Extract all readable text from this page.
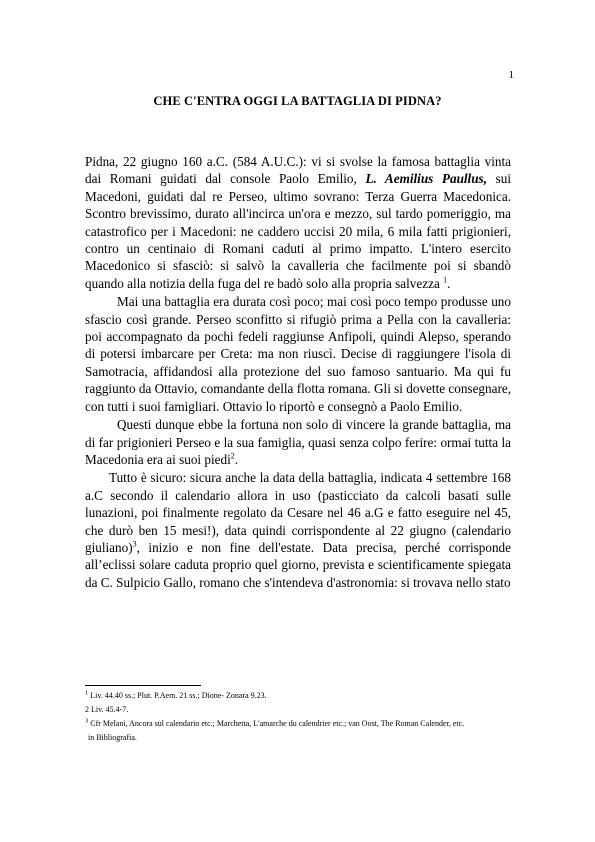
1
CHE C'ENTRA OGGI LA BATTAGLIA DI PIDNA?

Pidna, 22 giugno 160 a.C. (584 A.U.C.): vi si svolse la famosa battaglia vinta dai Romani guidati dal console Paolo Emilio, L. Aemilius Paullus, sui Macedoni, guidati dal re Perseo, ultimo sovrano: Terza Guerra Macedonica. Scontro brevissimo, durato all'incirca un'ora e mezzo, sul tardo pomeriggio, ma catastrofico per i Macedoni: ne caddero uccisi 20 mila, 6 mila fatti prigionieri, contro un centinaio di Romani caduti al primo impatto. L'intero esercito Macedonico si sfasciò: si salvò la cavalleria che facilmente poi si sbandò quando alla notizia della fuga del re badò solo alla propria salvezza $^1$.

Mai una battaglia era durata così poco; mai così poco tempo produsse uno sfascio così grande. Perseo sconfitto si rifugiò prima a Pella con la cavalleria: poi accompagnato da pochi fedeli raggiunse Anfipoli, quindi Alepso, sperando di potersi imbarcare per Creta: ma non riuscì. Decise di raggiungere l'isola di Samotracia, affidandosi alla protezione del suo famoso santuario. Ma qui fu raggiunto da Ottavio, comandante della flotta romana. Gli si dovette consegnare, con tutti i suoi famigliari. Ottavio lo riportò e consegnò a Paolo Emilio.

Questi dunque ebbe la fortuna non solo di vincere la grande battaglia, ma di far prigionieri Perseo e la sua famiglia, quasi senza colpo ferire: ormai tutta la Macedonia era ai suoi piedi$^2$.

Tutto è sicuro: sicura anche la data della battaglia, indicata 4 settembre 168 a.C secondo il calendario allora in uso (pasticciato da calcoli basati sulle lunazioni, poi finalmente regolato da Cesare nel 46 a.G e fatto eseguire nel 45, che durò ben 15 mesi!), data quindi corrispondente al 22 giugno (calendario giuliano)$^3$, inizio e non fine dell'estate. Data precisa, perché corrisponde all’eclissi solare caduta proprio quel giorno, prevista e scientificamente spiegata da C. Sulpicio Gallo, romano che s'intendeva d'astronomia: si trovava nello stato

$^1$ Liv. 44.40 ss.; Plut. P.Aem. 21 ss.; Dione- Zonara 9.23.
2 Liv. 45.4-7.
$^3$ Cfr Melani, Ancora sul calendario etc.; Marchetta, L'amarche du calendrier etc.; van Oost, The Roman Calender, etc.
in Bibliografia.
